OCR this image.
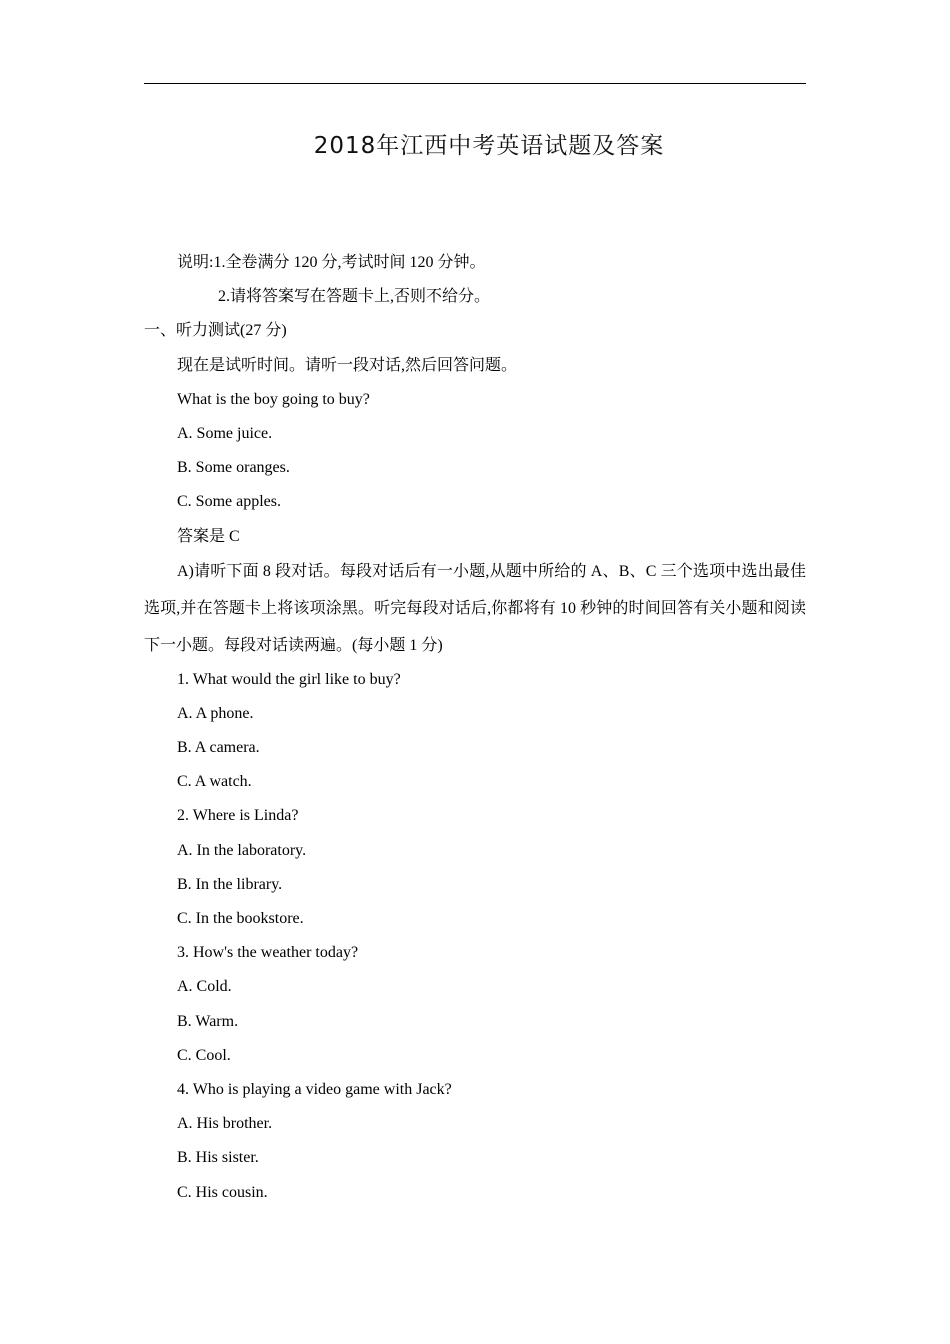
2018年江西中考英语试题及答案
说明:1.全卷满分 120 分,考试时间 120 分钟。
2.请将答案写在答题卡上,否则不给分。
一、听力测试(27 分)
现在是试听时间。请听一段对话,然后回答问题。
What is the boy going to buy?
A. Some juice.
B. Some oranges.
C. Some apples.
答案是 C
A)请听下面 8 段对话。每段对话后有一小题,从题中所给的 A、B、C 三个选项中选出最佳选项,并在答题卡上将该项涂黑。听完每段对话后,你都将有 10 秒钟的时间回答有关小题和阅读下一小题。每段对话读两遍。(每小题 1 分)
1. What would the girl like to buy?
A. A phone.
B. A camera.
C. A watch.
2. Where is Linda?
A. In the laboratory.
B. In the library.
C. In the bookstore.
3. How's the weather today?
A. Cold.
B. Warm.
C. Cool.
4. Who is playing a video game with Jack?
A. His brother.
B. His sister.
C. His cousin.
